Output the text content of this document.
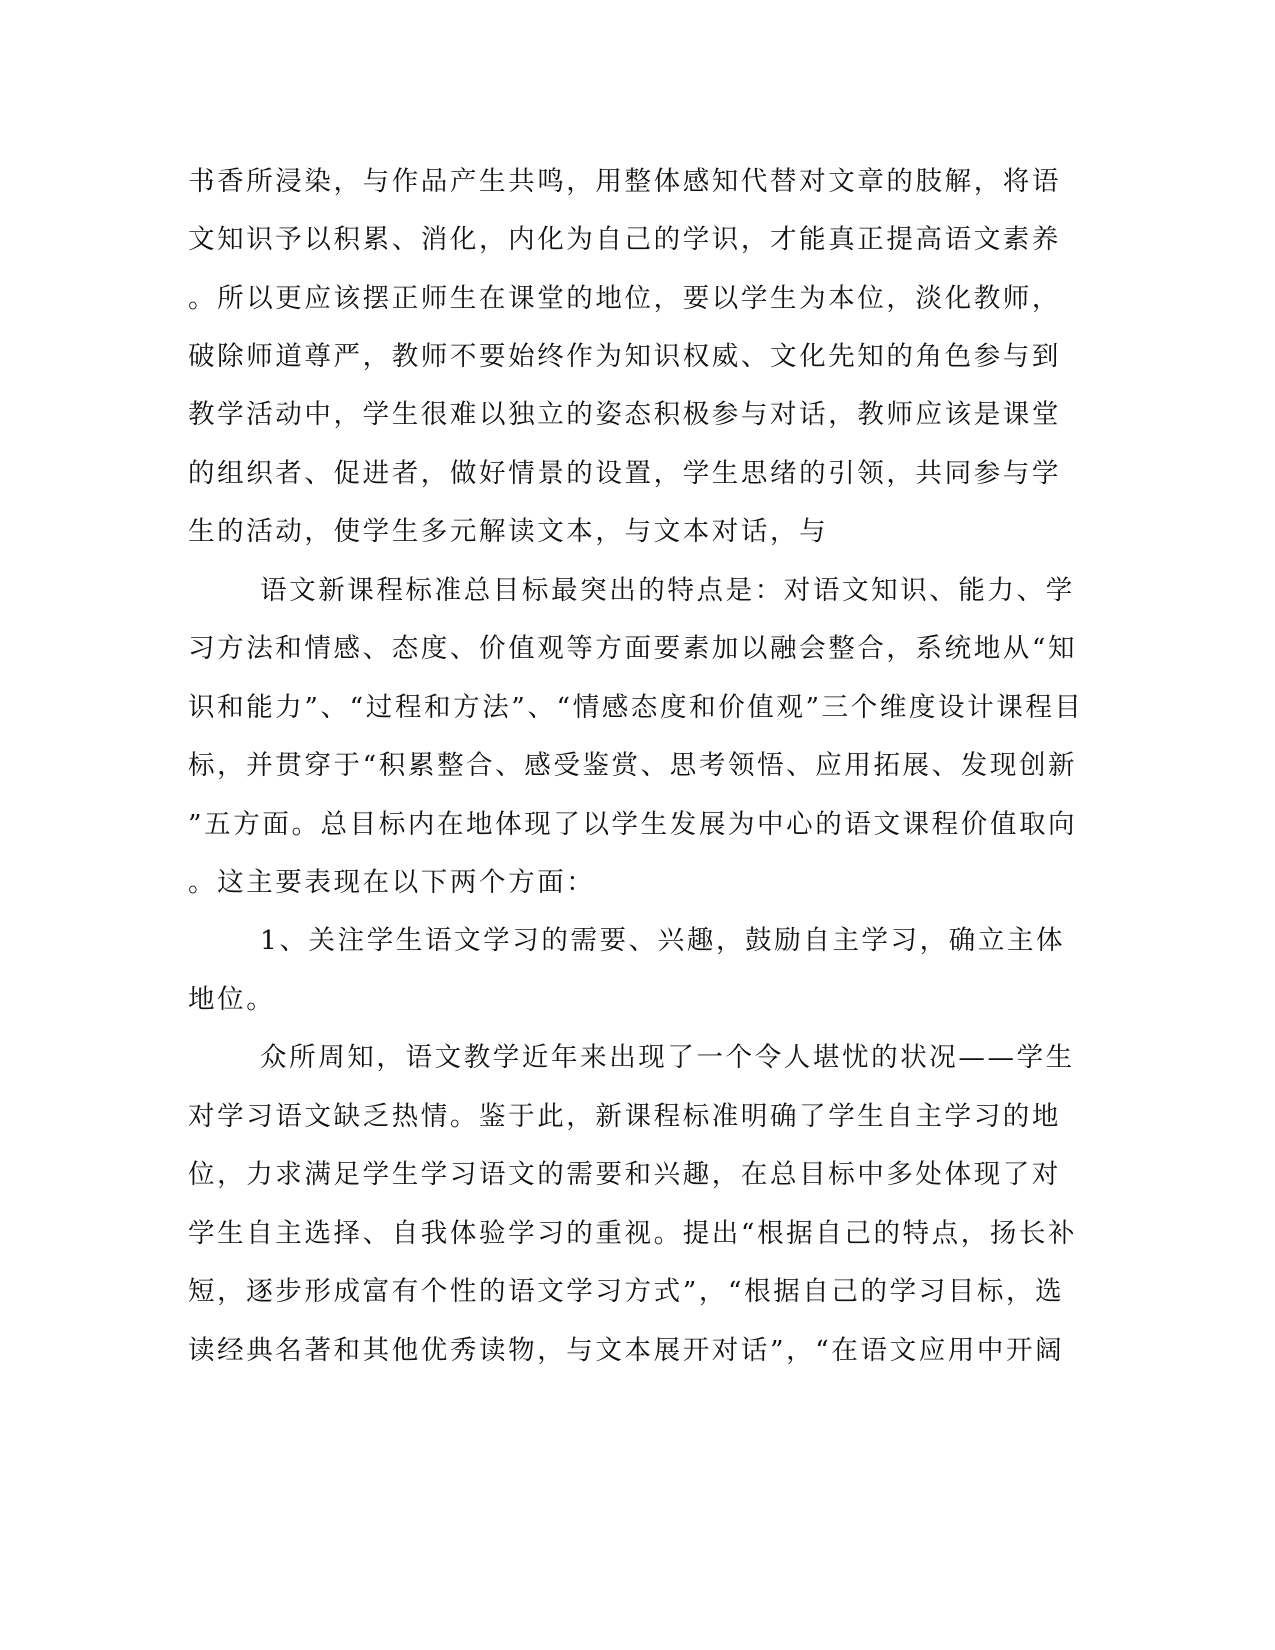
书香所浸染，与作品产生共鸣，用整体感知代替对文章的肢解，将语
文知识予以积累、消化，内化为自己的学识，才能真正提高语文素养
。所以更应该摆正师生在课堂的地位，要以学生为本位，淡化教师，
破除师道尊严，教师不要始终作为知识权威、文化先知的角色参与到
教学活动中，学生很难以独立的姿态积极参与对话，教师应该是课堂
的组织者、促进者，做好情景的设置，学生思绪的引领，共同参与学
生的活动，使学生多元解读文本，与文本对话，与
语文新课程标准总目标最突出的特点是：对语文知识、能力、学
习方法和情感、态度、价值观等方面要素加以融会整合，系统地从“知
识和能力”、“过程和方法”、“情感态度和价值观”三个维度设计课程目
标，并贯穿于“积累整合、感受鉴赏、思考领悟、应用拓展、发现创新
”五方面。总目标内在地体现了以学生发展为中心的语文课程价值取向
。这主要表现在以下两个方面：
1、关注学生语文学习的需要、兴趣，鼓励自主学习，确立主体
地位。
众所周知，语文教学近年来出现了一个令人堪忧的状况——学生
对学习语文缺乏热情。鉴于此，新课程标准明确了学生自主学习的地
位，力求满足学生学习语文的需要和兴趣，在总目标中多处体现了对
学生自主选择、自我体验学习的重视。提出“根据自己的特点，扬长补
短，逐步形成富有个性的语文学习方式”，“根据自己的学习目标，选
读经典名著和其他优秀读物，与文本展开对话”，“在语文应用中开阔
